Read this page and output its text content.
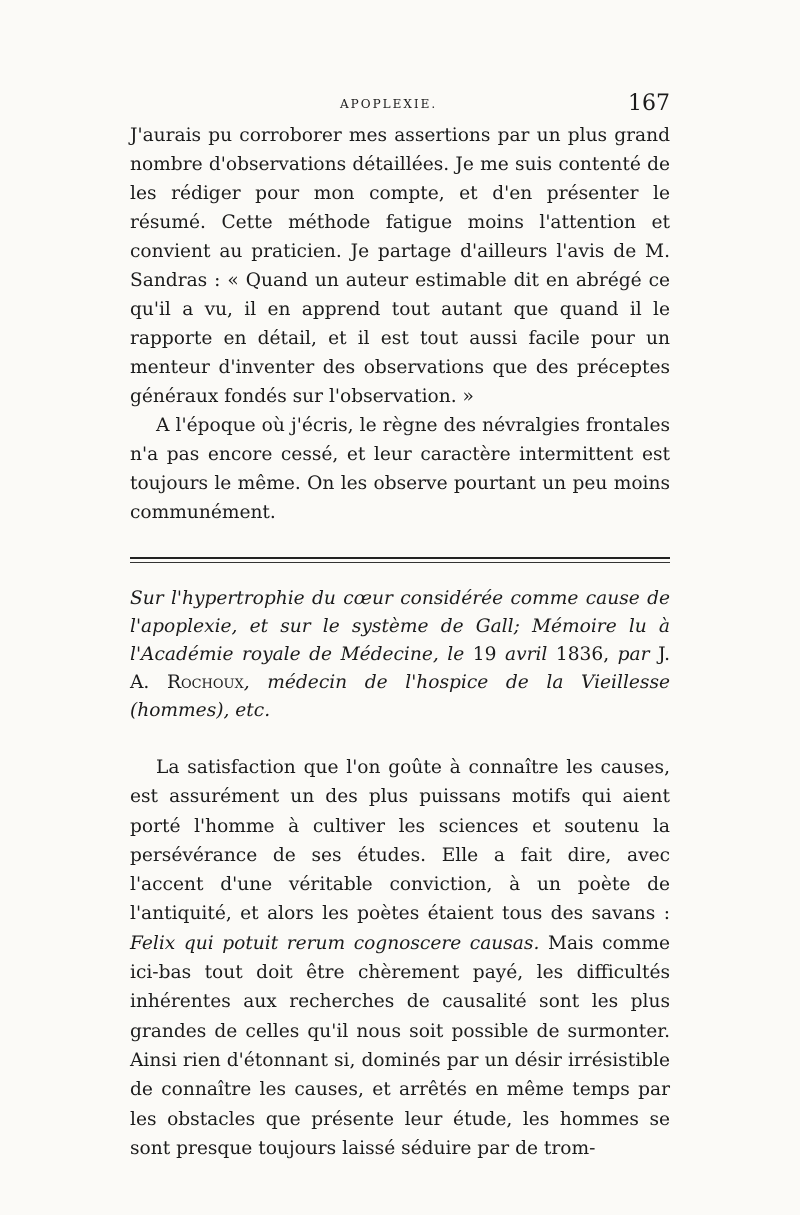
APOPLEXIE.	167

J'aurais pu corroborer mes assertions par un plus grand nombre d'observations détaillées. Je me suis contenté de les rédiger pour mon compte, et d'en présenter le résumé. Cette méthode fatigue moins l'attention et convient au praticien. Je partage d'ailleurs l'avis de M. Sandras : « Quand un auteur estimable dit en abrégé ce qu'il a vu, il en apprend tout autant que quand il le rapporte en détail, et il est tout aussi facile pour un menteur d'inventer des observations que des préceptes généraux fondés sur l'observation. »

A l'époque où j'écris, le règne des névralgies frontales n'a pas encore cessé, et leur caractère intermittent est toujours le même. On les observe pourtant un peu moins communément.

Sur l'hypertrophie du cœur considérée comme cause de l'apoplexie, et sur le système de Gall; Mémoire lu à l'Académie royale de Médecine, le 19 avril 1836, par J. A. Rochoux, médecin de l'hospice de la Vieillesse (hommes), etc.

La satisfaction que l'on goûte à connaître les causes, est assurément un des plus puissans motifs qui aient porté l'homme à cultiver les sciences et soutenu la persévérance de ses études. Elle a fait dire, avec l'accent d'une véritable conviction, à un poète de l'antiquité, et alors les poètes étaient tous des savans : Felix qui potuit rerum cognoscere causas. Mais comme ici-bas tout doit être chèrement payé, les difficultés inhérentes aux recherches de causalité sont les plus grandes de celles qu'il nous soit possible de surmonter. Ainsi rien d'étonnant si, dominés par un désir irrésistible de connaître les causes, et arrêtés en même temps par les obstacles que présente leur étude, les hommes se sont presque toujours laissé séduire par de trom-
